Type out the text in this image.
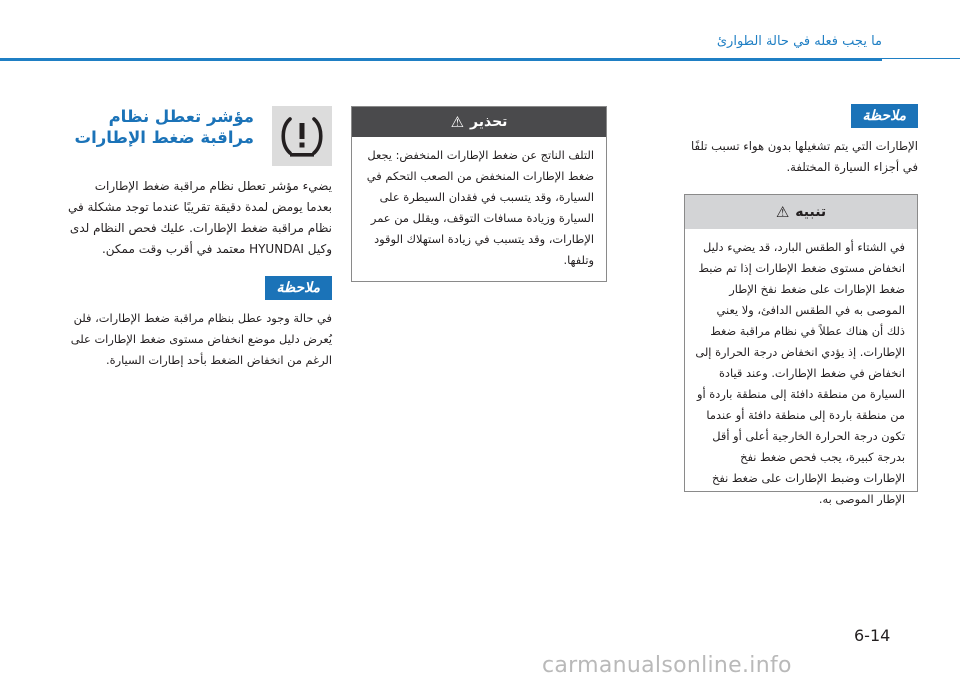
ما يجب فعله في حالة الطوارئ
ملاحظة
الإطارات التي يتم تشغيلها بدون هواء تسبب تلفًا في أجزاء السيارة المختلفة.
تنبيه
⚠
في الشتاء أو الطقس البارد، قد يضيء دليل انخفاض مستوى ضغط الإطارات إذا تم ضبط ضغط الإطارات على ضغط نفخ الإطار الموصى به في الطقس الدافئ، ولا يعني ذلك أن هناك عطلاً في نظام مراقبة ضغط الإطارات. إذ يؤدي انخفاض درجة الحرارة إلى انخفاض في ضغط الإطارات. وعند قيادة السيارة من منطقة دافئة إلى منطقة باردة أو من منطقة باردة إلى منطقة دافئة أو عندما تكون درجة الحرارة الخارجية أعلى أو أقل بدرجة كبيرة، يجب فحص ضغط نفخ الإطارات وضبط الإطارات على ضغط نفخ الإطار الموصى به.
تحذير
⚠
التلف الناتج عن ضغط الإطارات المنخفض: يجعل ضغط الإطارات المنخفض من الصعب التحكم في السيارة، وقد يتسبب في فقدان السيطرة على السيارة وزيادة مسافات التوقف، ويقلل من عمر الإطارات، وقد يتسبب في زيادة استهلاك الوقود وتلفها.
مؤشر تعطل نظام مراقبة ضغط الإطارات
يضيء مؤشر تعطل نظام مراقبة ضغط الإطارات بعدما يومض لمدة دقيقة تقريبًا عندما توجد مشكلة في نظام مراقبة ضغط الإطارات. عليك فحص النظام لدى وكيل HYUNDAI معتمد في أقرب وقت ممكن.
ملاحظة
في حالة وجود عطل بنظام مراقبة ضغط الإطارات، فلن يُعرض دليل موضع انخفاض مستوى ضغط الإطارات على الرغم من انخفاض الضغط بأحد إطارات السيارة.
6-14
carmanualsonline.info
